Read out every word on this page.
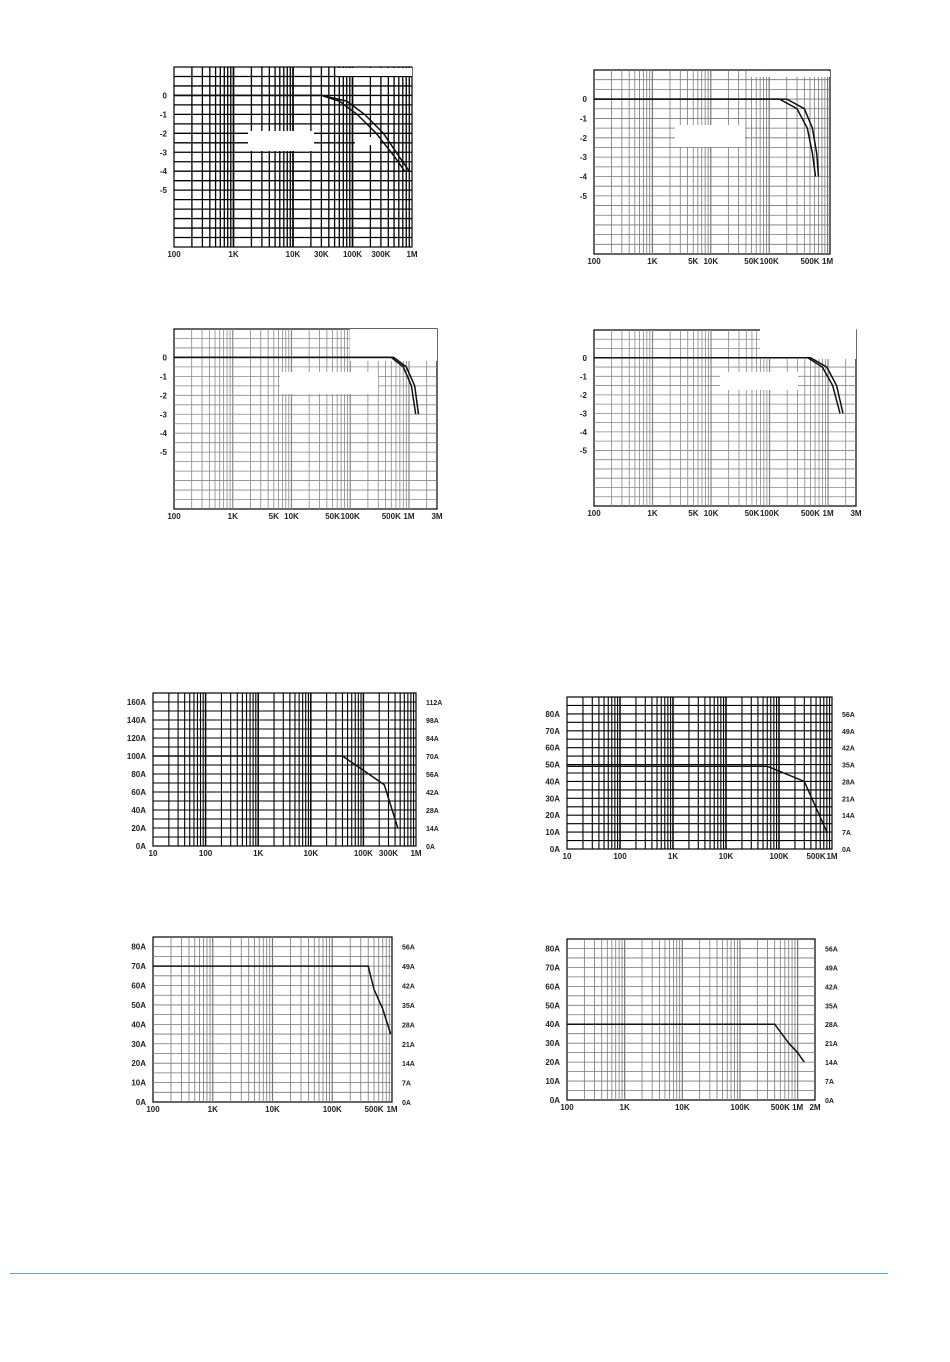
100	1K	10K 30K 100K 300K 1M
0
-1
-2
-3
-4
-5
100	1K	5K 10K	50K 100K	500K 1M
0
-1
-2
-3
-4
-5
100	1K	5K 10K	50K 100K	500K 1M 3M
0
-1
-2
-3
-4
-5
100	1K	5K 10K	50K 100K	500K 1M 3M
0
-1
-2
-3
-4
-5
10	100	1K	10K	100K 300K 1M
0A
20A
40A
60A
80A
100A
120A
140A
160A
0A
14A
28A
42A
56A
70A
84A
98A
112A
10	100	1K	10K	100K 500K 1M
0A
10A
20A
30A
40A
50A
60A
70A
80A
0A
7A
14A
21A
28A
35A
42A
49A
56A
100	1K	10K	100K	500K 1M
0A
10A
20A
30A
40A
50A
60A
70A
80A
0A
7A
14A
21A
28A
35A
42A
49A
56A
100	1K	10K	100K	500K 1M 2M
0A
10A
20A
30A
40A
50A
60A
70A
80A
0A
7A
14A
21A
28A
35A
42A
49A
56A
